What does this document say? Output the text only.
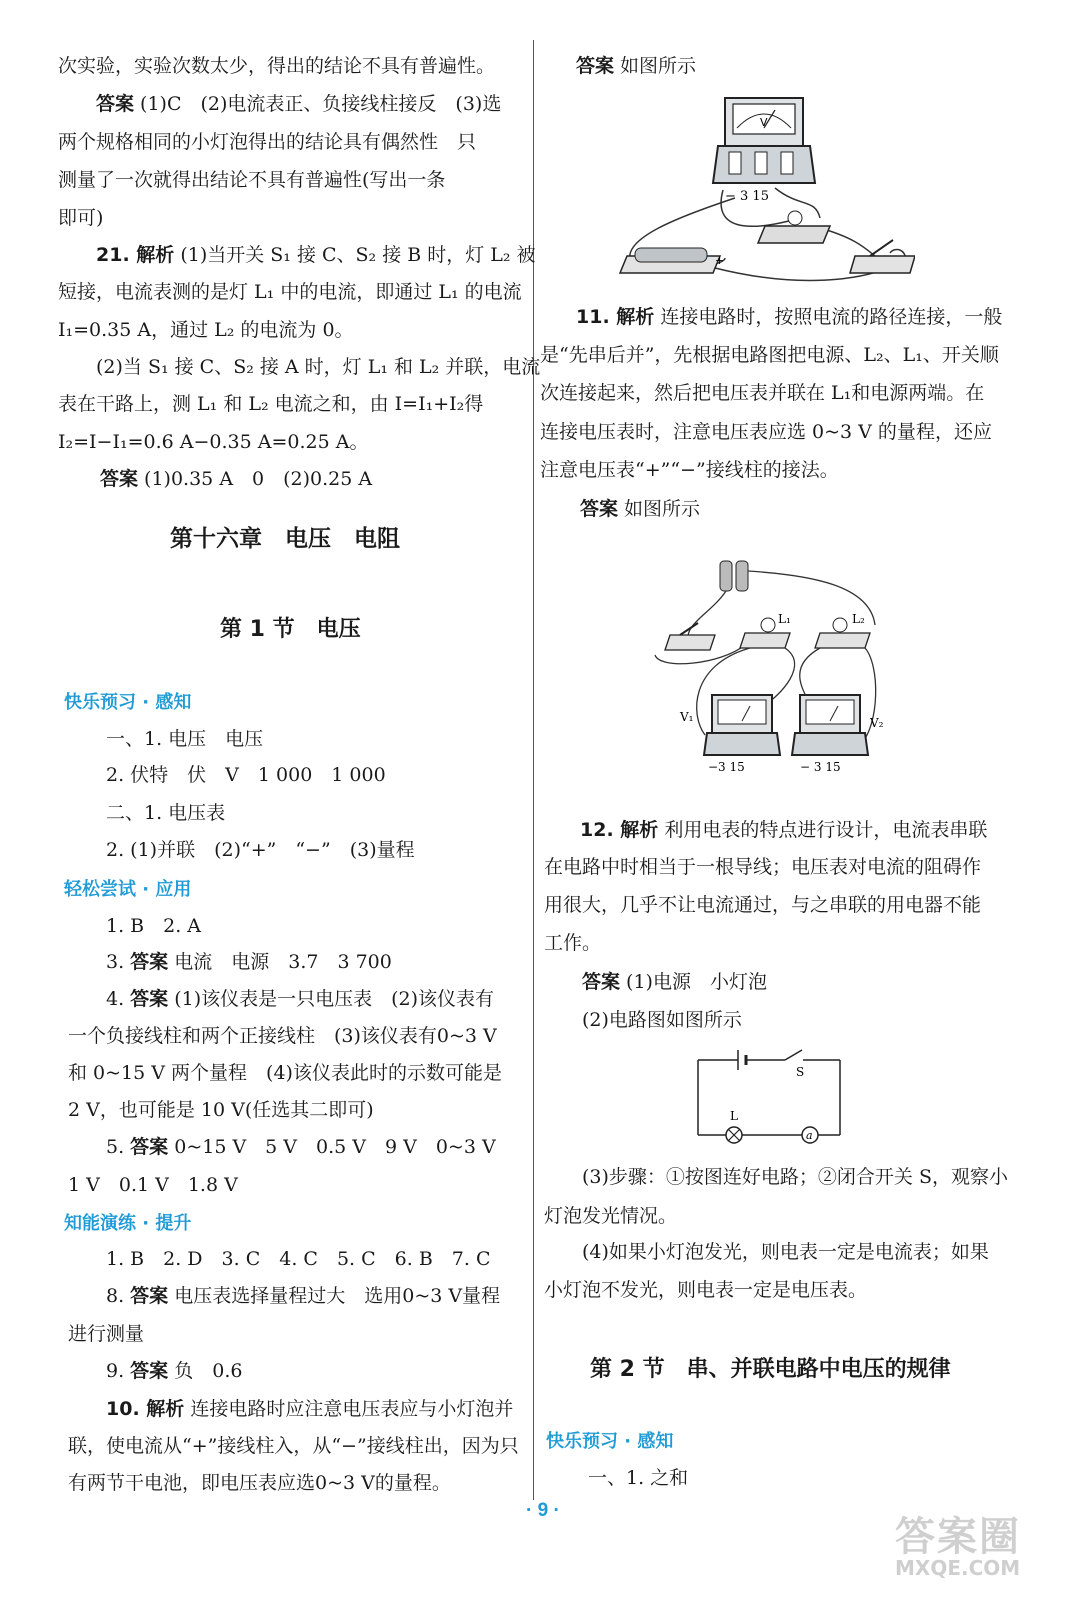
次实验，实验次数太少，得出的结论不具有普遍性。
答案 (1)C　(2)电流表正、负接线柱接反　(3)选
两个规格相同的小灯泡得出的结论具有偶然性　只
测量了一次就得出结论不具有普遍性(写出一条
即可)
21. 解析 (1)当开关 S₁ 接 C、S₂ 接 B 时，灯 L₂ 被
短接，电流表测的是灯 L₁ 中的电流，即通过 L₁ 的电流
I₁=0.35 A，通过 L₂ 的电流为 0。
(2)当 S₁ 接 C、S₂ 接 A 时，灯 L₁ 和 L₂ 并联，电流
表在干路上，测 L₁ 和 L₂ 电流之和，由 I=I₁+I₂得
I₂=I−I₁=0.6 A−0.35 A=0.25 A。
答案 (1)0.35 A　0　(2)0.25 A
一、1. 电压　电压
2. 伏特　伏　V　1 000　1 000
二、1. 电压表
2. (1)并联　(2)“+”　“−”　(3)量程
1. B　2. A
3. 答案 电流　电源　3.7　3 700
4. 答案 (1)该仪表是一只电压表　(2)该仪表有
一个负接线柱和两个正接线柱　(3)该仪表有0~3 V
和 0~15 V 两个量程　(4)该仪表此时的示数可能是
2 V，也可能是 10 V(任选其二即可)
5. 答案 0~15 V　5 V　0.5 V　9 V　0~3 V
1 V　0.1 V　1.8 V
1. B　2. D　3. C　4. C　5. C　6. B　7. C
8. 答案 电压表选择量程过大　选用0~3 V量程
进行测量
9. 答案 负　0.6
10. 解析 连接电路时应注意电压表应与小灯泡并
联，使电流从“+”接线柱入，从“−”接线柱出，因为只
有两节干电池，即电压表应选0~3 V的量程。
答案 如图所示
11. 解析 连接电路时，按照电流的路径连接，一般
是“先串后并”，先根据电路图把电源、L₂、L₁、开关顺
次连接起来，然后把电压表并联在 L₁和电源两端。在
连接电压表时，注意电压表应选 0~3 V 的量程，还应
注意电压表“+”“−”接线柱的接法。
答案 如图所示
12. 解析 利用电表的特点进行设计，电流表串联
在电路中时相当于一根导线；电压表对电流的阻碍作
用很大，几乎不让电流通过，与之串联的用电器不能
工作。
答案 (1)电源　小灯泡
(2)电路图如图所示
(3)步骤：①按图连好电路；②闭合开关 S，观察小
灯泡发光情况。
(4)如果小灯泡发光，则电表一定是电流表；如果
小灯泡不发光，则电表一定是电压表。
一、1. 之和
第十六章　电压　电阻
第 1 节　电压
第 2 节　串、并联电路中电压的规律
快乐预习 · 感知
轻松尝试 · 应用
知能演练 · 提升
快乐预习 · 感知
V
− 3 15
+
L₁	L₂
−3 15
V₁
− 3 15
V₂
S
L
a
· 9 ·
答案圈
MXQE.COM
